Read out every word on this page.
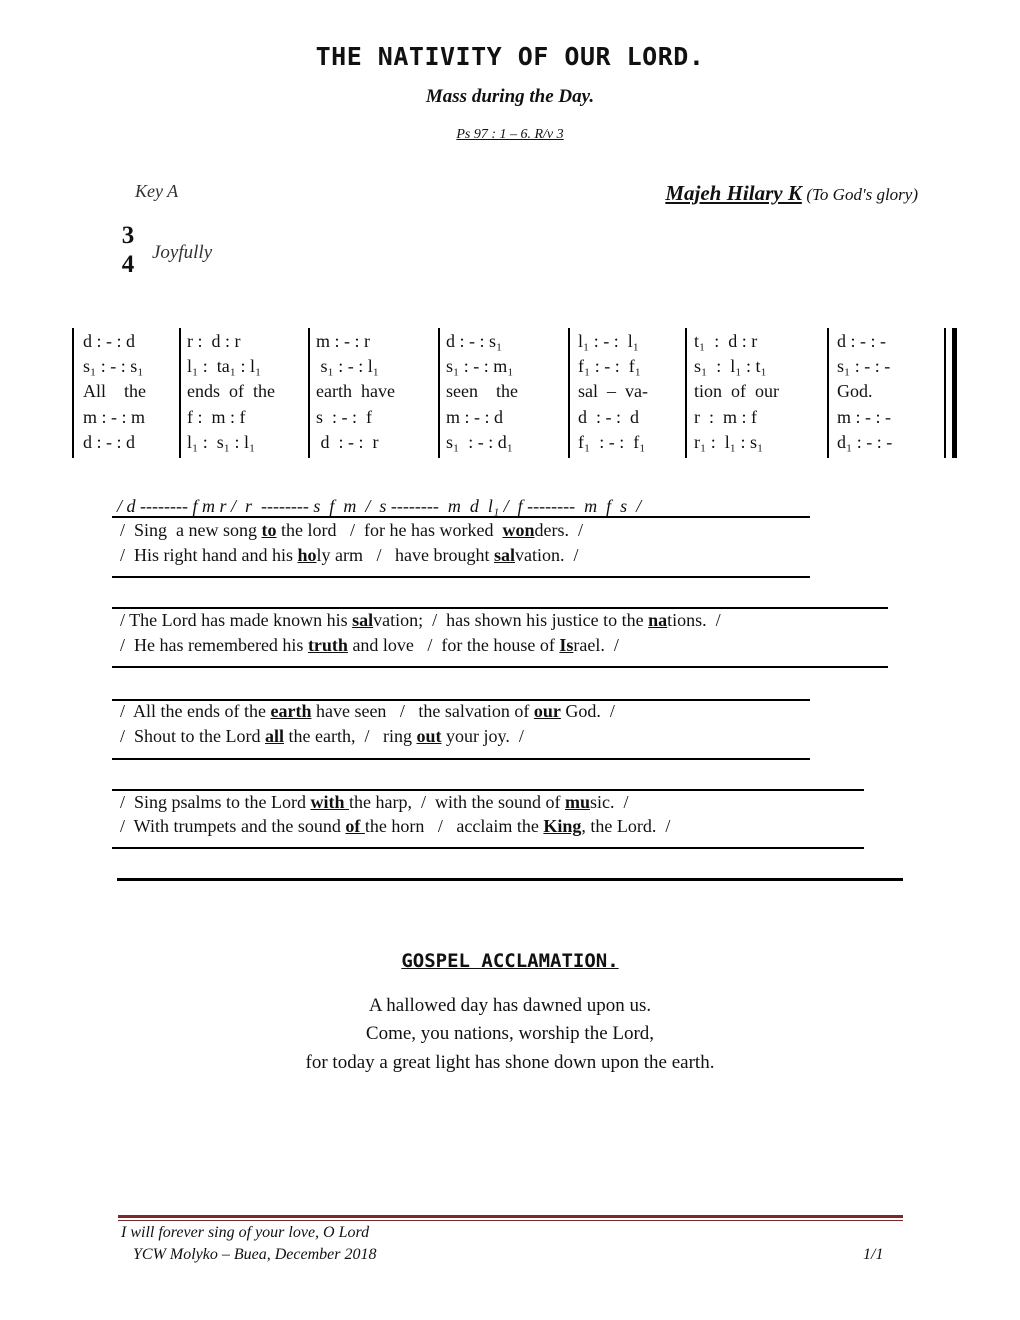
THE NATIVITY OF OUR LORD.
Mass during the Day.
Ps 97 : 1 – 6. R/v 3
Key A	Majeh Hilary K (To God's glory)
3
4 Joyfully
d : - : d
s₁ : - : s₁
All    the
m : - : m
d : - : d
r :  d : r
l₁ :  ta₁ : l₁
ends  of  the
f :  m : f
l₁ :  s₁ : l₁
m : - : r
s₁ : - : l₁
earth  have
s  : - :  f
d  : - :  r
d : - : s₁
s₁ : - : m₁
seen    the
m : - : d
s₁  : - : d₁
l₁ : - :  l₁
f₁ : - :  f₁
sal  –  va-
d  : - :  d
f₁  : - :  f₁
t₁  :  d : r
s₁  :  l₁ : t₁
tion  of  our
r  :  m : f
r₁ :  l₁ : s₁
d : - : -
s₁ : - : -
God.
m : - : -
d₁ : - : -
/ d -------- f m r /  r  -------- s  f  m  /  s --------  m  d  l₁ /  f --------  m  f  s  /
/  Sing  a new song to the lord   /  for he has worked  wonders.  /
/  His right hand and his holy arm   /   have brought salvation.  /
/ The Lord has made known his salvation;  /  has shown his justice to the nations.  /
/  He has remembered his truth and love   /  for the house of Israel.  /
/  All the ends of the earth have seen   /   the salvation of our God.  /
/  Shout to the Lord all the earth,  /   ring out your joy.  /
/  Sing psalms to the Lord with the harp,  /  with the sound of music.  /
/  With trumpets and the sound of the horn   /   acclaim the King, the Lord.  /
GOSPEL ACCLAMATION.
A hallowed day has dawned upon us.
Come, you nations, worship the Lord,
for today a great light has shone down upon the earth.
I will forever sing of your love, O Lord
YCW Molyko – Buea, December 2018	1/1
